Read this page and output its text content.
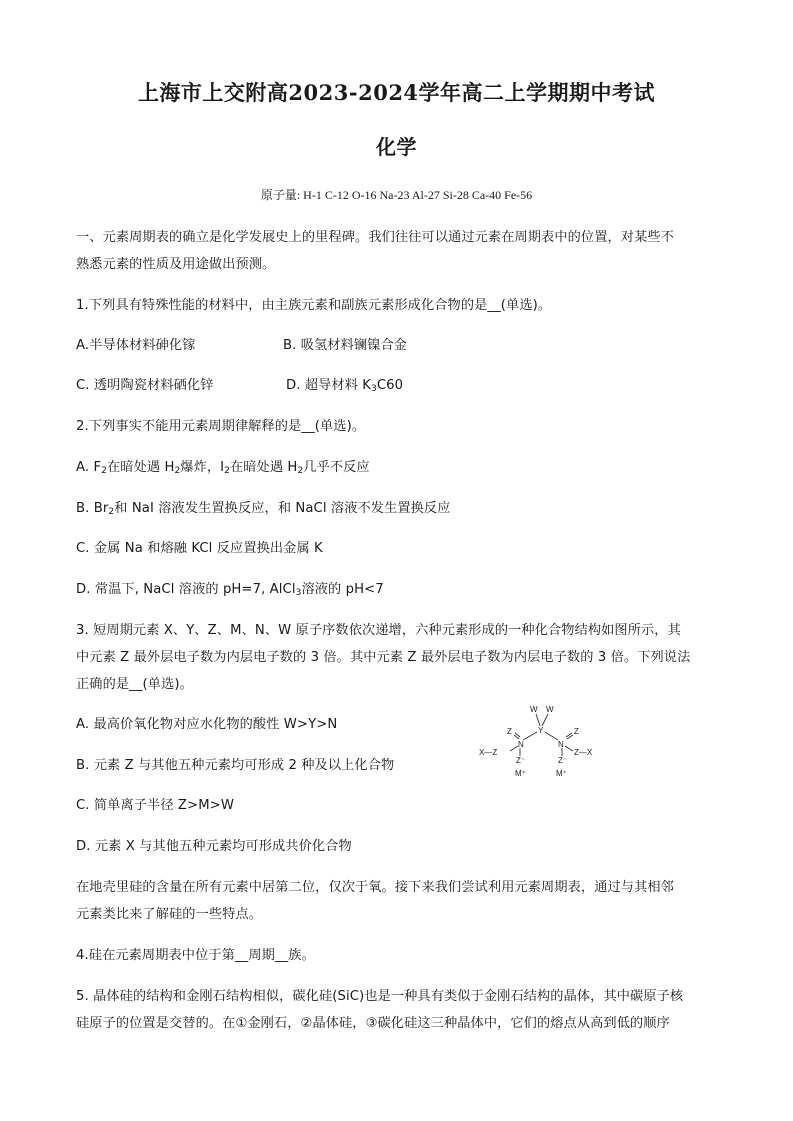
上海市上交附高2023-2024学年高二上学期期中考试
化学
原子量: H-1 C-12 O-16 Na-23 Al-27 Si-28 Ca-40 Fe-56
一、元素周期表的确立是化学发展史上的里程碑。我们往往可以通过元素在周期表中的位置，对某些不
熟悉元素的性质及用途做出预测。
1.下列具有特殊性能的材料中，由主族元素和副族元素形成化合物的是__(单选)。
A.半导体材料砷化镓	B. 吸氢材料镧镍合金
C. 透明陶瓷材料硒化锌	D. 超导材料 $K_3C60$
2.下列事实不能用元素周期律解释的是__(单选)。
A. $F_2$在暗处遇 $H_2$爆炸，$I_2$在暗处遇 $H_2$几乎不反应
B. $Br_2$和 NaI 溶液发生置换反应，和 NaCl 溶液不发生置换反应
C. 金属 Na 和熔融 KCl 反应置换出金属 K
D. 常温下, NaCl 溶液的 pH=7, AlCl$_3$溶液的 pH<7
3. 短周期元素 X、Y、Z、M、N、W 原子序数依次递增，六种元素形成的一种化合物结构如图所示，其
中元素 Z 最外层电子数为内层电子数的 3 倍。其中元素 Z 最外层电子数为内层电子数的 3 倍。下列说法
正确的是__(单选)。
A. 最高价氧化物对应水化物的酸性 W>Y>N
B. 元素 Z 与其他五种元素均可形成 2 种及以上化合物
C. 简单离子半径 Z>M>W
D. 元素 X 与其他五种元素均可形成共价化合物
W W
Y
Z
N	N
Z
X—Z	Z—X
Z⁻	Z⁻
M⁺	M⁺
在地壳里硅的含量在所有元素中居第二位，仅次于氧。接下来我们尝试利用元素周期表，通过与其相邻
元素类比来了解硅的一些特点。
4.硅在元素周期表中位于第__周期__族。
5. 晶体硅的结构和金刚石结构相似，碳化硅(SiC)也是一种具有类似于金刚石结构的晶体，其中碳原子核
硅原子的位置是交替的。在①金刚石，②晶体硅，③碳化硅这三种晶体中，它们的熔点从高到低的顺序
